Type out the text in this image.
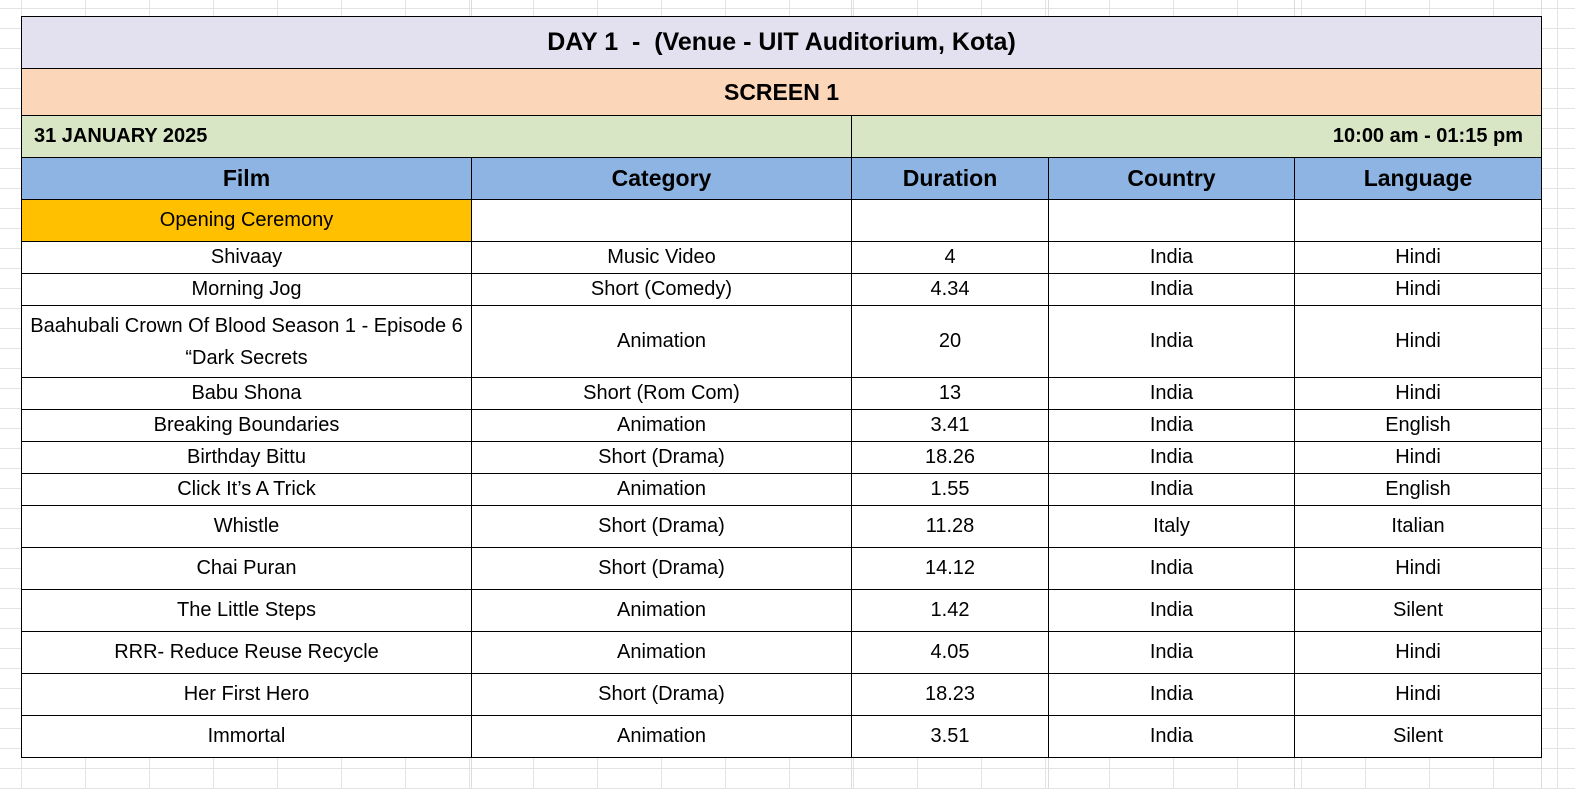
DAY 1  -  (Venue - UIT Auditorium, Kota)				
SCREEN 1				
31 JANUARY 2025		10:00 am - 01:15 pm		
Film	Category	Duration	Country	Language
Opening Ceremony				
Shivaay	Music Video	4	India	Hindi
Morning Jog	Short (Comedy)	4.34	India	Hindi
Baahubali Crown Of Blood Season 1 - Episode 6 “Dark Secrets	Animation	20	India	Hindi
Babu Shona	Short (Rom Com)	13	India	Hindi
Breaking Boundaries	Animation	3.41	India	English
Birthday Bittu	Short (Drama)	18.26	India	Hindi
Click It’s A Trick	Animation	1.55	India	English
Whistle	Short (Drama)	11.28	Italy	Italian
Chai Puran	Short (Drama)	14.12	India	Hindi
The Little Steps	Animation	1.42	India	Silent
RRR- Reduce Reuse Recycle	Animation	4.05	India	Hindi
Her First Hero	Short (Drama)	18.23	India	Hindi
Immortal	Animation	3.51	India	Silent
